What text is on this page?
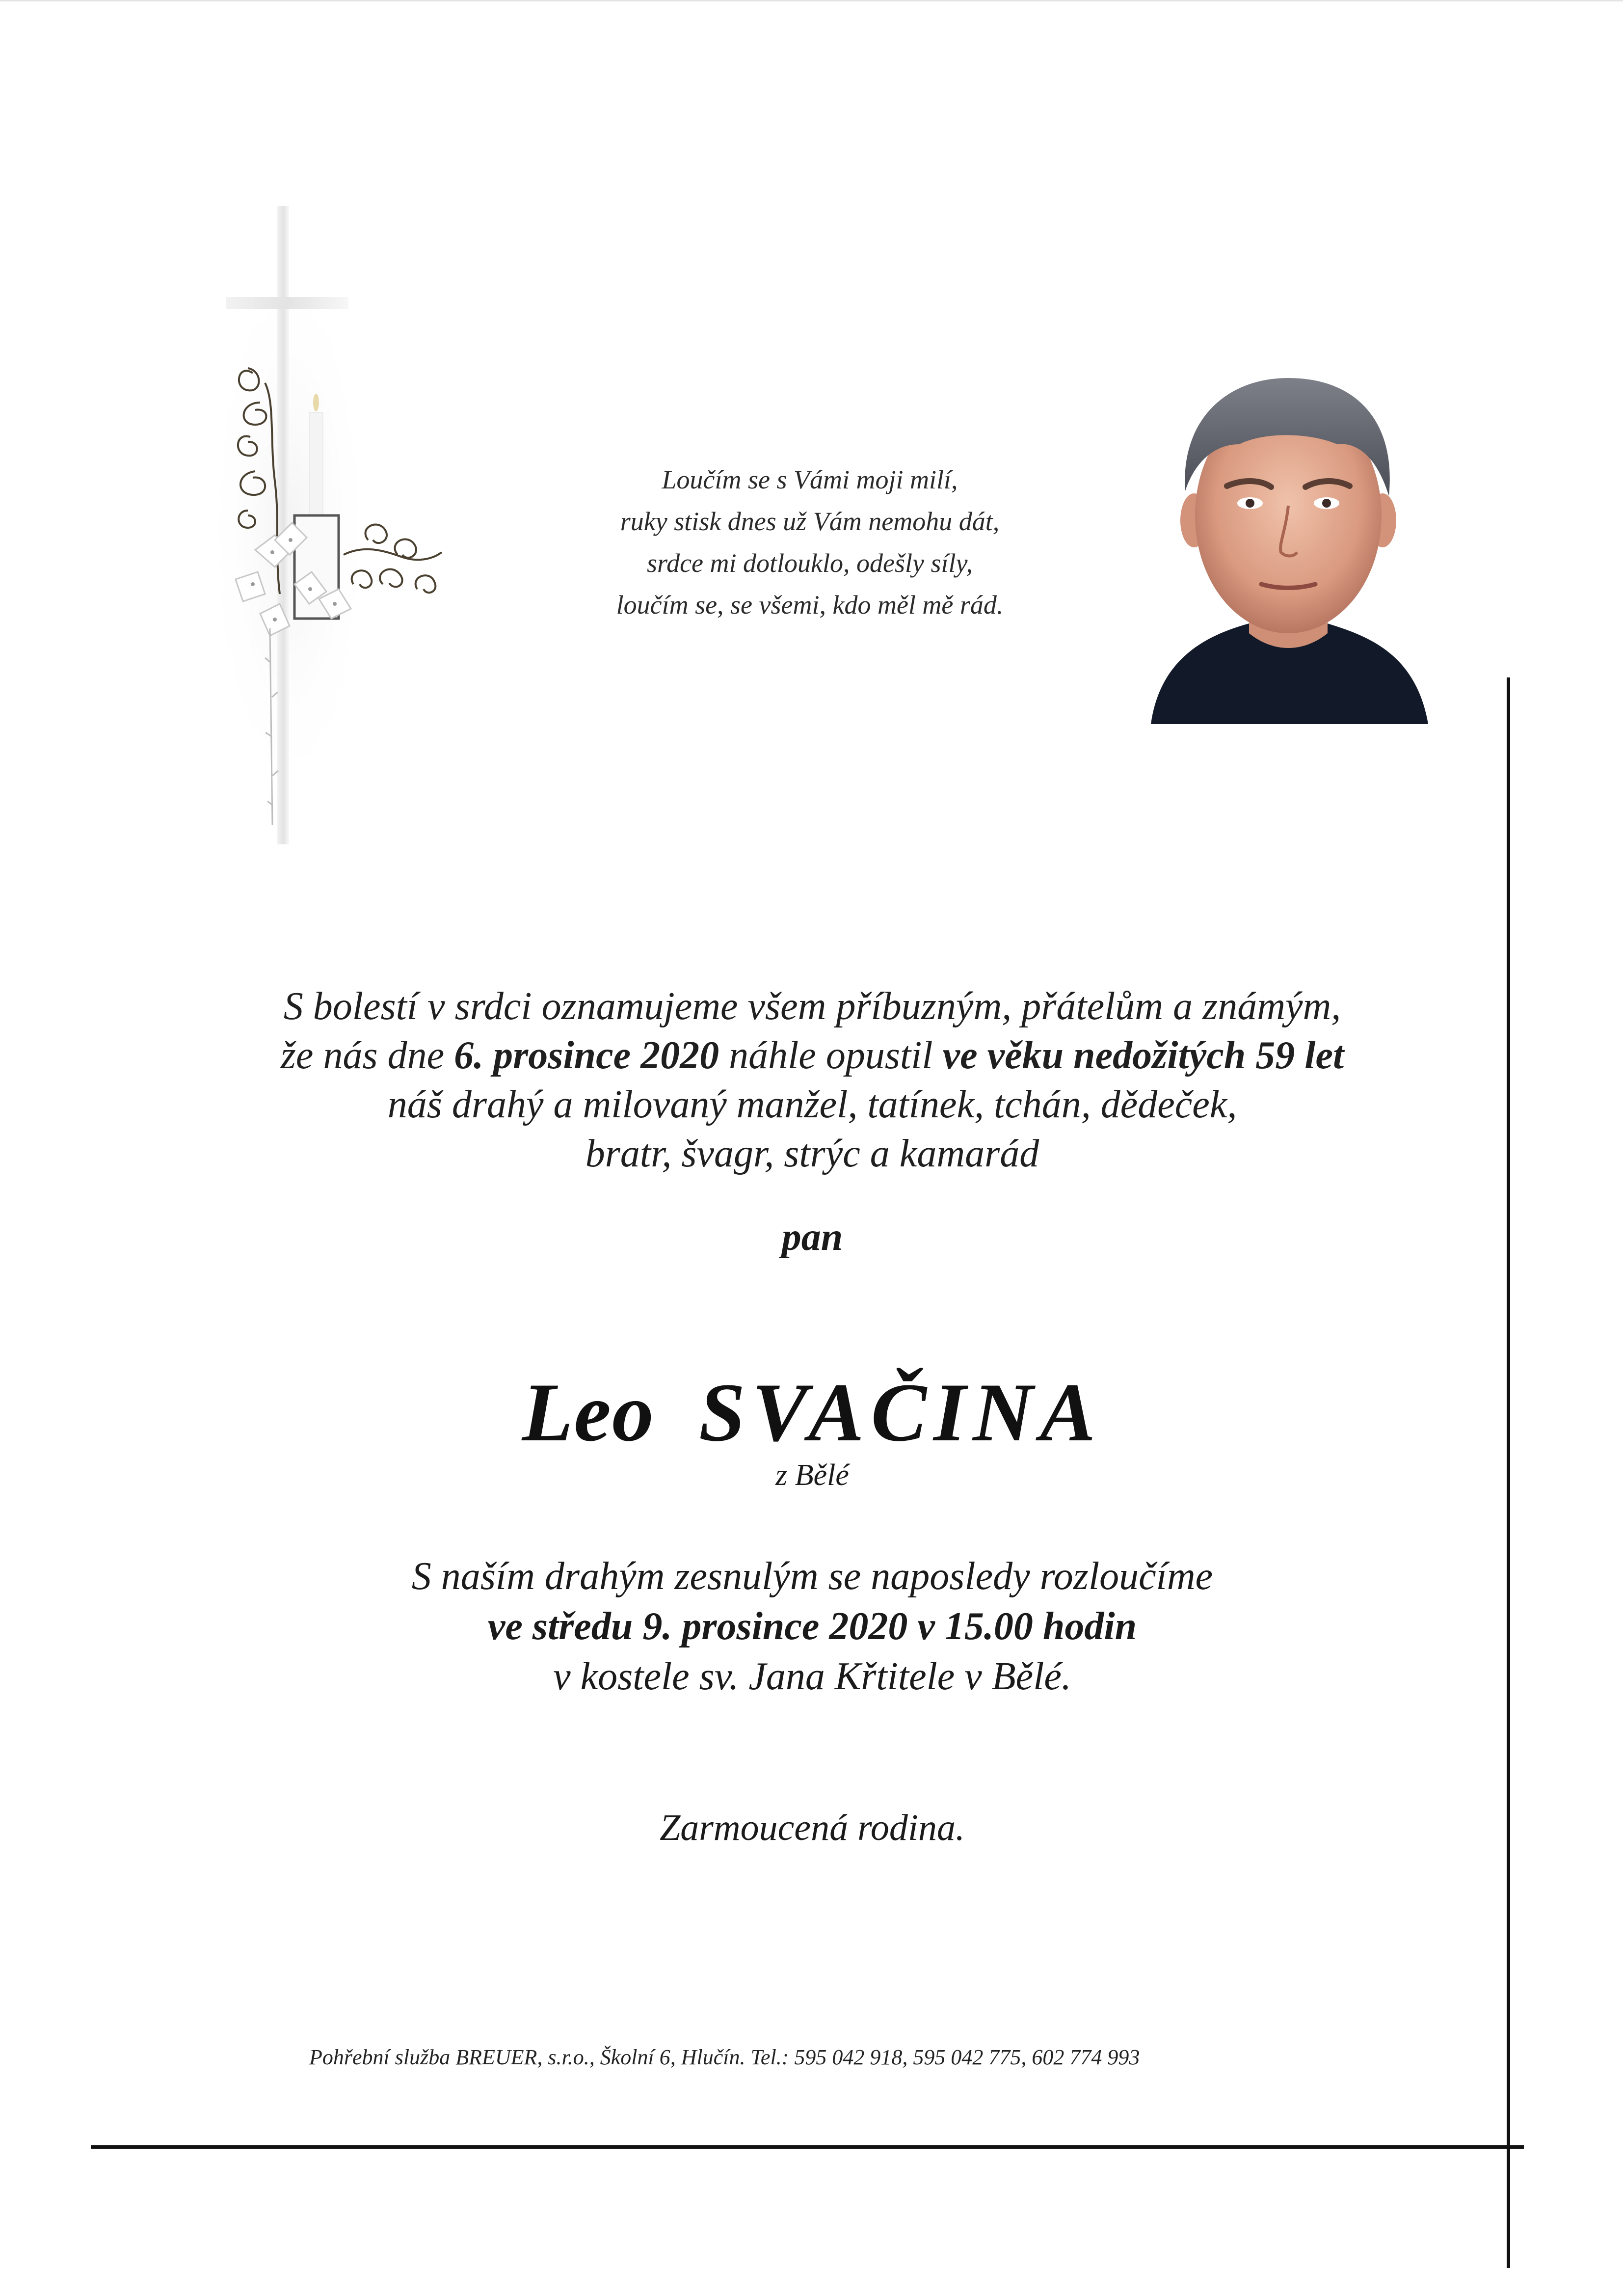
Loučím se s Vámi moji milí,
ruky stisk dnes už Vám nemohu dát,
srdce mi dotlouklo, odešly síly,
loučím se, se všemi, kdo měl mě rád.
S bolestí v srdci oznamujeme všem příbuzným, přátelům a známým,
že nás dne 6. prosince 2020 náhle opustil ve věku nedožitých 59 let
náš drahý a milovaný manžel, tatínek, tchán, dědeček,
bratr, švagr, strýc a kamarád
pan
Leo SVAČINA
z Bělé
S naším drahým zesnulým se naposledy rozloučíme
ve středu 9. prosince 2020 v 15.00 hodin
v kostele sv. Jana Křtitele v Bělé.
Zarmoucená rodina.
Pohřební služba BREUER, s.r.o., Školní 6, Hlučín. Tel.: 595 042 918, 595 042 775, 602 774 993
